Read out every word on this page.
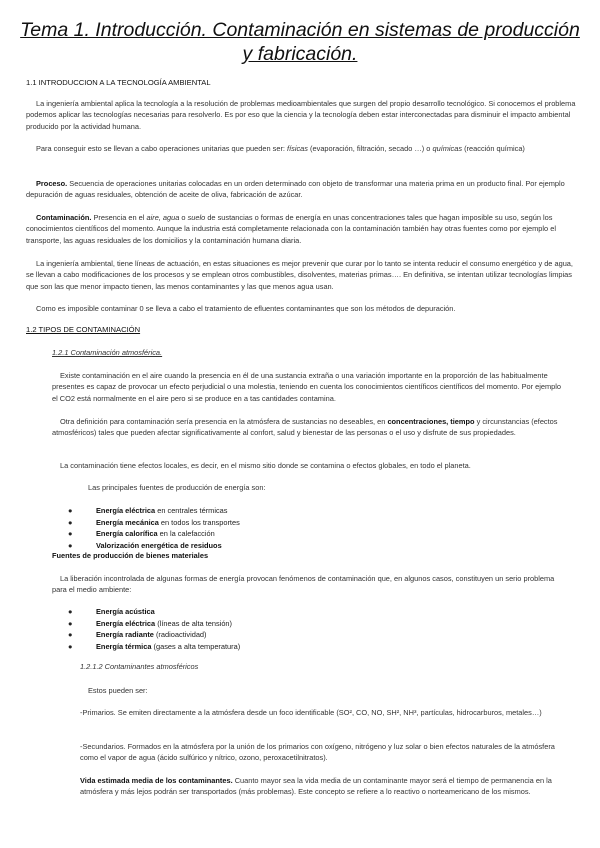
Tema 1. Introducción. Contaminación en sistemas de producción y fabricación.
1.1 INTRODUCCION A LA TECNOLOGÍA AMBIENTAL
La ingeniería ambiental aplica la tecnología a la resolución de problemas medioambientales que surgen del propio desarrollo tecnológico. Si conocemos el problema podemos aplicar las tecnologías necesarias para resolverlo. Es por eso que la ciencia y la tecnología deben estar interconectadas para disminuir el impacto ambiental producido por la actividad humana.
Para conseguir esto se llevan a cabo operaciones unitarias que pueden ser: físicas (evaporación, filtración, secado …) o químicas (reacción química)
Proceso. Secuencia de operaciones unitarias colocadas en un orden determinado con objeto de transformar una materia prima en un producto final. Por ejemplo depuración de aguas residuales, obtención de aceite de oliva, fabricación de azúcar.
Contaminación. Presencia en el aire, agua o suelo de sustancias o formas de energía en unas concentraciones tales que hagan imposible su uso, según los conocimientos científicos del momento. Aunque la industria está completamente relacionada con la contaminación también hay otras fuentes como por ejemplo el transporte, las aguas residuales de los domicilios y la contaminación humana diaria.
La ingeniería ambiental, tiene líneas de actuación, en estas situaciones es mejor prevenir que curar por lo tanto se intenta reducir el consumo energético y de agua, se llevan a cabo modificaciones de los procesos y se emplean otros combustibles, disolventes, materias primas…. En definitiva, se intentan utilizar tecnologías limpias que son las que menor impacto tienen, las menos contaminantes y las que menos agua usan.
Como es imposible contaminar 0 se lleva a cabo el tratamiento de efluentes contaminantes que son los métodos de depuración.
1.2 TIPOS DE CONTAMINACIÓN
1.2.1 Contaminación atmosférica.
Existe contaminación en el aire cuando la presencia en él de una sustancia extraña o una variación importante en la proporción de las habitualmente presentes es capaz de provocar un efecto perjudicial o una molestia, teniendo en cuenta los conocimientos científicos científicos del momento. Por ejemplo el CO2 está normalmente en el aire pero si se produce en a tas cantidades contamina.
Otra definición para contaminación sería presencia en la atmósfera de sustancias no deseables, en concentraciones, tiempo y circunstancias (efectos atmosféricos) tales que pueden afectar significativamente al confort, salud y bienestar de las personas o el uso y disfrute de sus propiedades.
La contaminación tiene efectos locales, es decir, en el mismo sitio donde se contamina o efectos globales, en todo el planeta.
Las principales fuentes de producción de energía son:
●	Energía eléctrica en centrales térmicas
●	Energía mecánica en todos los transportes
●	Energía calorífica en la calefacción
●	Valorización energética de residuos
Fuentes de producción de bienes materiales
La liberación incontrolada de algunas formas de energía provocan fenómenos de contaminación que, en algunos casos, constituyen un serio problema para el medio ambiente:
●	Energía acústica
●	Energía eléctrica (líneas de alta tensión)
●	Energía radiante (radioactividad)
●	Energía térmica (gases a alta temperatura)
1.2.1.2 Contaminantes atmosféricos
Estos pueden ser:
-Primarios. Se emiten directamente a la atmósfera desde un foco identificable (SO², CO, NO, SH², NH³, partículas, hidrocarburos, metales…)
-Secundarios. Formados en la atmósfera por la unión de los primarios con oxígeno, nitrógeno y luz solar o bien efectos naturales de la atmósfera como el vapor de agua (ácido sulfúrico y nítrico, ozono, peroxacetilnitratos).
Vida estimada media de los contaminantes. Cuanto mayor sea la vida media de un contaminante mayor será el tiempo de permanencia en la atmósfera y más lejos podrán ser transportados (más problemas). Este concepto se refiere a lo reactivo o norteamericano de los mismos.
